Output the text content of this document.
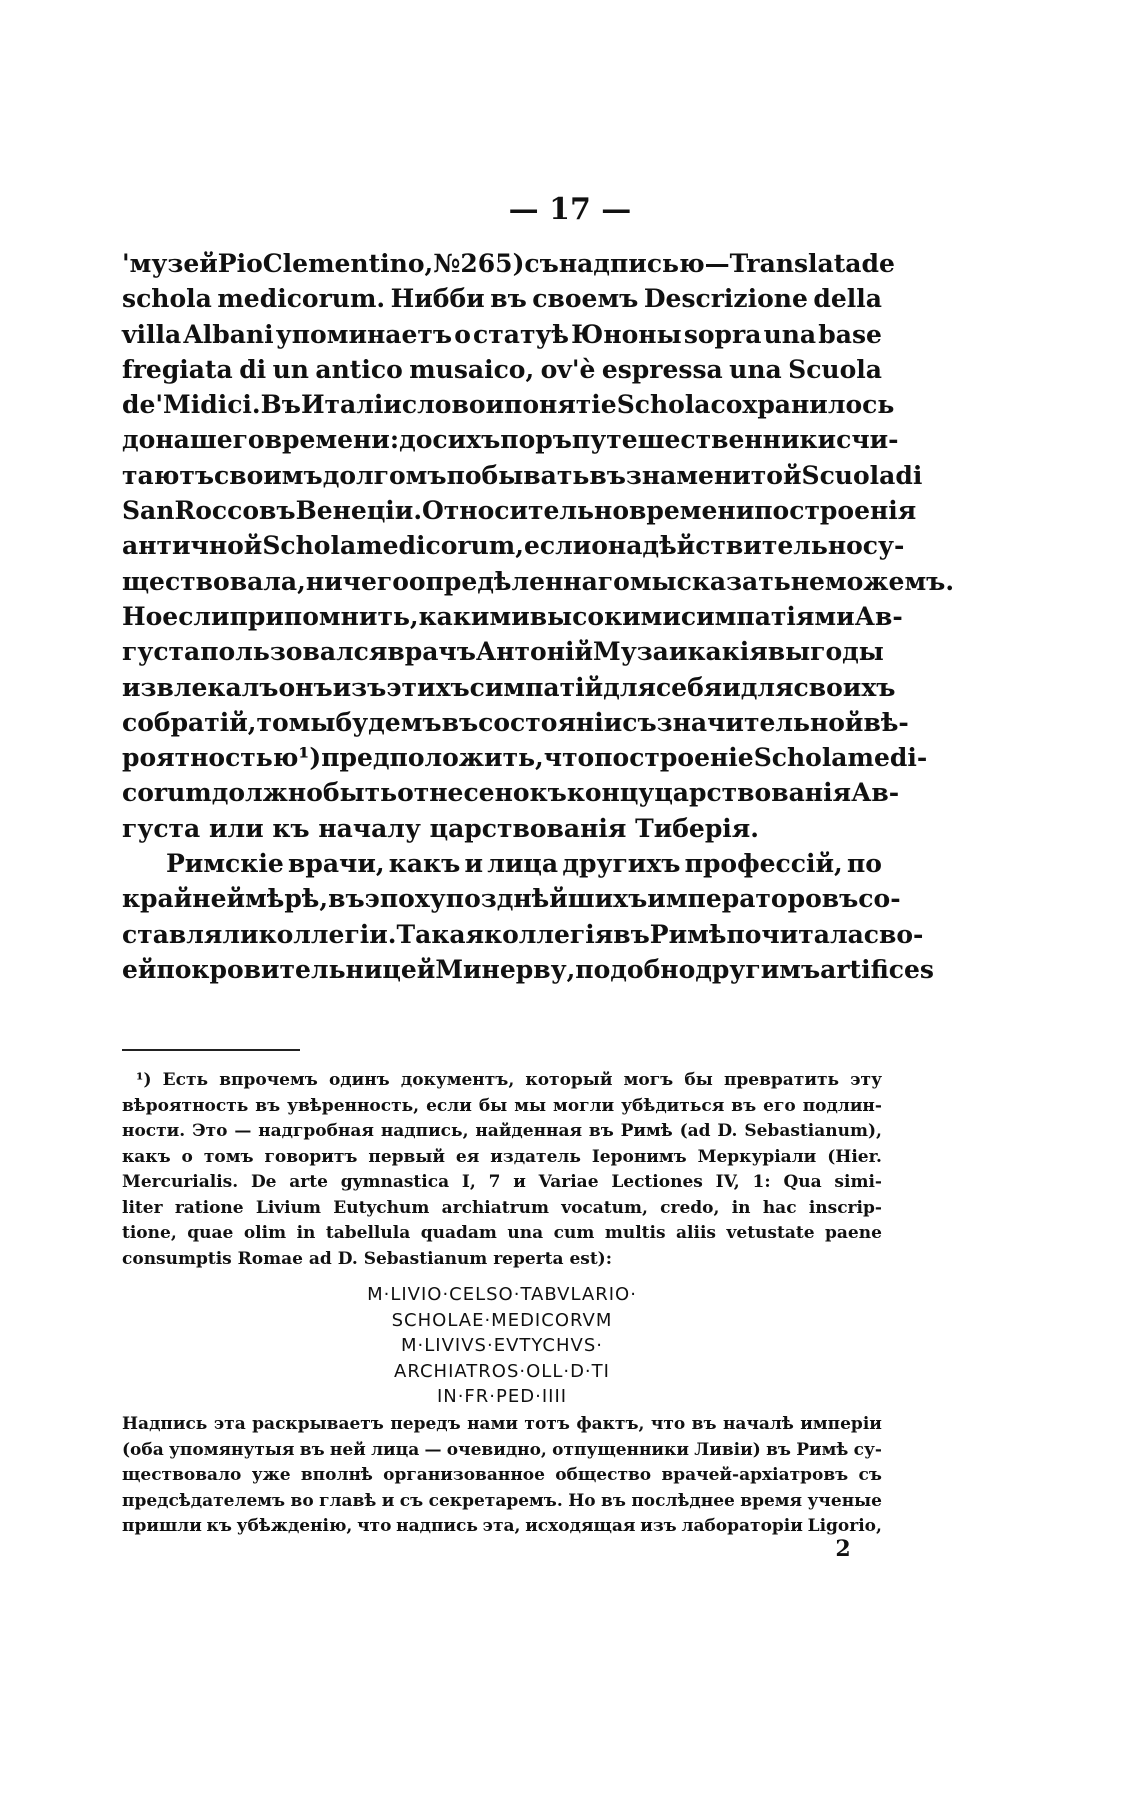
— 17 —
'музей Pio Clementino, № 265) съ надписью—Translata de
schola medicorum. Нибби въ своемъ Descrizione della
villa Albani упоминаетъ о статуѣ Юноны sopra una base
fregiata di un antico musaico, ov'è espressa una Scuola
de'Midici. Въ Италіи слово и понятіе Schola сохранилось
до нашего времени: до сихъ поръ путешественники счи-
таютъ своимъ долгомъ побывать въ знаменитой Scuola di
San Rocco въ Венеціи. Относительно времени построенія
античной Schola medicorum, если она дѣйствительно су-
ществовала, ничего опредѣленнаго мы сказать не можемъ.
Но если припомнить, какими высокими симпатіями Ав-
густа пользовался врачъ Антоній Муза и какія выгоды
извлекалъ онъ изъ этихъ симпатій для себя и для своихъ
собратій, то мы будемъ въ состояніи съ значительной вѣ-
роятностью ¹) предположить, что построеніе Schola medi-
corum должно быть отнесено къ концу царствованія Ав-
густа или къ началу царствованія Тиберія.
Римскіе врачи, какъ и лица другихъ профессій, по
крайней мѣрѣ, въ эпоху позднѣйшихъ императоровъ со-
ставляли коллегіи. Такая коллегія въ Римѣ почитала сво-
ей покровительницей Минерву, подобно другимъ artifices
¹) Есть впрочемъ одинъ документъ, который могъ бы превратить эту
вѣроятность въ увѣренность, если бы мы могли убѣдиться въ его подлин-
ности. Это — надгробная надпись, найденная въ Римѣ (ad D. Sebastianum),
какъ о томъ говоритъ первый ея издатель Іеронимъ Меркуріали (Hier.
Mercurialis. De arte gymnastica I, 7 и Variae Lectiones IV, 1: Qua simi-
liter ratione Livium Eutychum archiatrum vocatum, credo, in hac inscrip-
tione, quae olim in tabellula quadam una cum multis aliis vetustate paene
consumptis Romae ad D. Sebastianum reperta est):
M·LIVIO·CELSO·TABVLARIO·
SCHOLAE·MEDICORVM
M·LIVIVS·EVTYCHVS·
ARCHIATROS·OLL·D·TI
IN·FR·PED·IIII
Надпись эта раскрываетъ передъ нами тотъ фактъ, что въ началѣ имперіи
(оба упомянутыя въ ней лица — очевидно, отпущенники Ливіи) въ Римѣ су-
ществовало уже вполнѣ организованное общество врачей-архіатровъ съ
предсѣдателемъ во главѣ и съ секретаремъ. Но въ послѣднее время ученые
пришли къ убѣжденію, что надпись эта, исходящая изъ лабораторіи Ligorio,
2
